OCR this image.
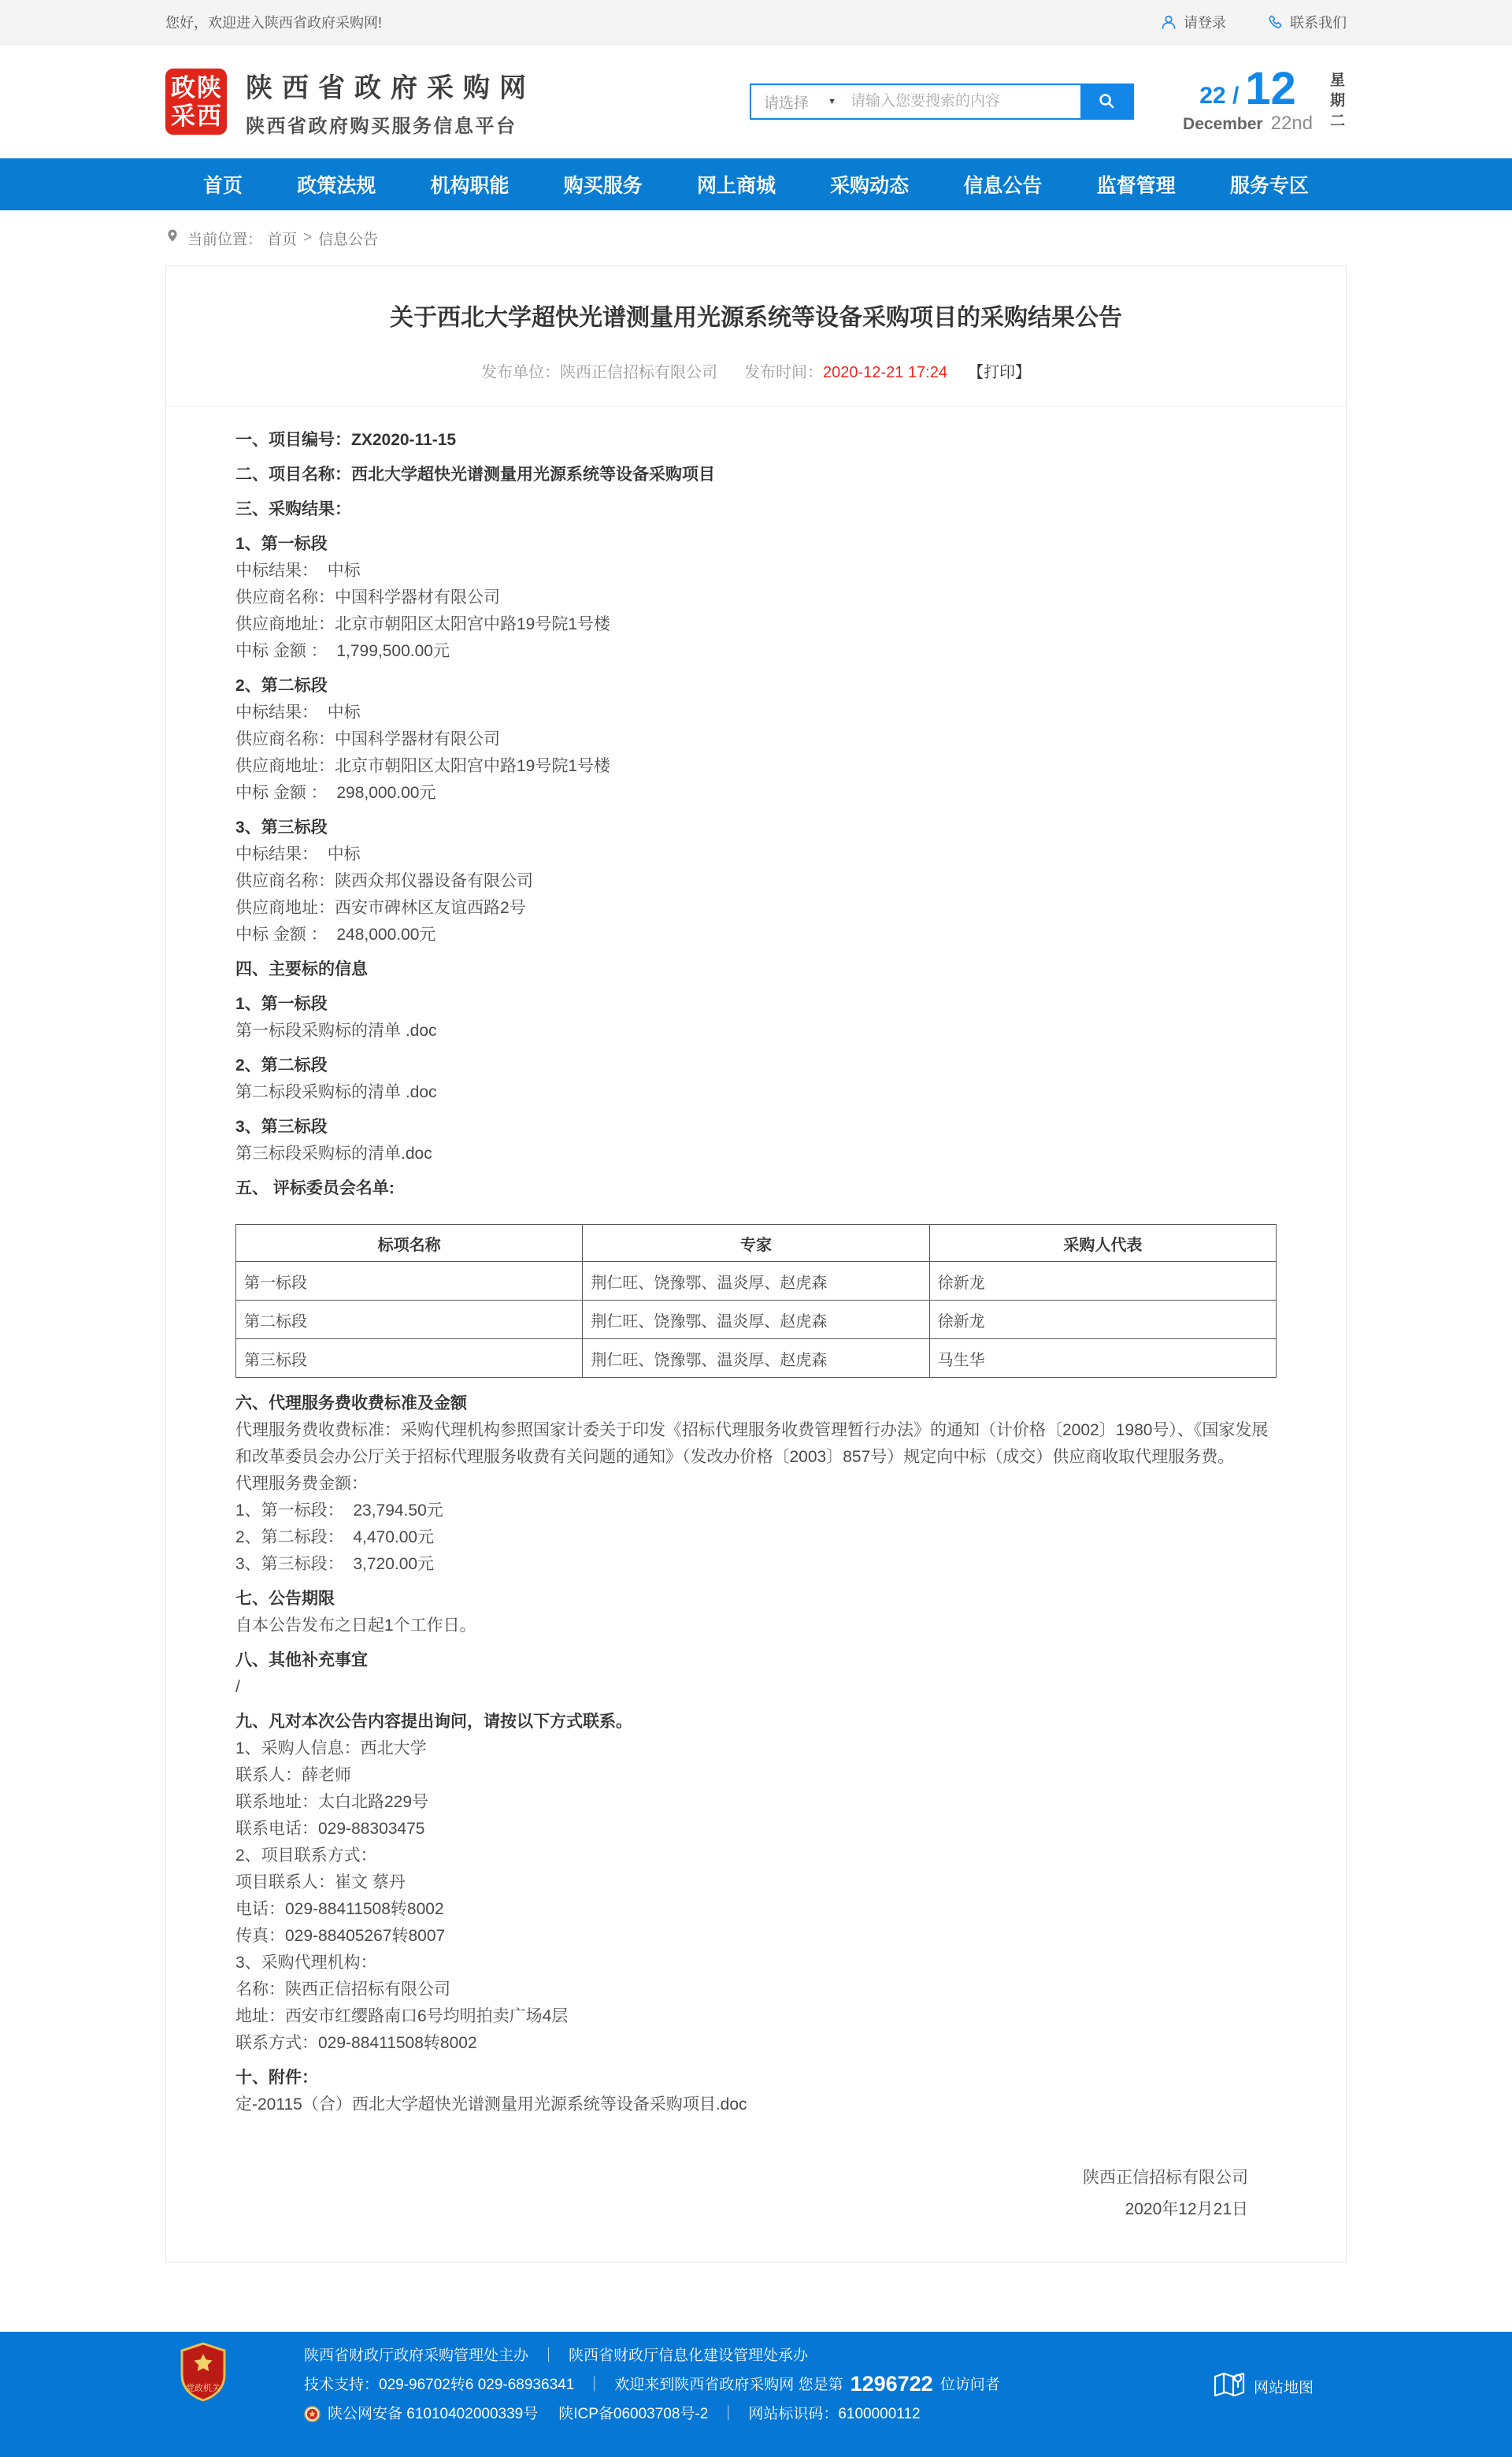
您好，欢迎进入陕西省政府采购网!	请登录	联系我们
政 陕
采 西
陕西省政府采购网
陕西省政府购买服务信息平台
请选择 ▼
请输入您要搜索的内容	22 / 12
December 22nd 星期二
首页	政策法规	机构职能	购买服务	网上商城	采购动态	信息公告	监督管理	服务专区
当前位置： 首页 > 信息公告
关于西北大学超快光谱测量用光源系统等设备采购项目的采购结果公告
发布单位：陕西正信招标有限公司 发布时间：2020-12-21 17:24 【打印】
一、项目编号：ZX2020-11-15
二、项目名称：西北大学超快光谱测量用光源系统等设备采购项目
三、采购结果：
1、第一标段
中标结果：  中标
供应商名称：中国科学器材有限公司
供应商地址：北京市朝阳区太阳宫中路19号院1号楼
中标 金额 ：  1,799,500.00元
2、第二标段
中标结果：  中标
供应商名称：中国科学器材有限公司
供应商地址：北京市朝阳区太阳宫中路19号院1号楼
中标 金额 ：  298,000.00元
3、第三标段
中标结果：  中标
供应商名称：陕西众邦仪器设备有限公司
供应商地址：西安市碑林区友谊西路2号
中标 金额 ：  248,000.00元
四、主要标的信息
1、第一标段
第一标段采购标的清单 .doc
2、第二标段
第二标段采购标的清单 .doc
3、第三标段
第三标段采购标的清单.doc
五、 评标委员会名单:
标项名称	专家	采购人代表
第一标段	荆仁旺、饶豫鄂、温炎厚、赵虎森	徐新龙
第二标段	荆仁旺、饶豫鄂、温炎厚、赵虎森	徐新龙
第三标段	荆仁旺、饶豫鄂、温炎厚、赵虎森	马生华
六、代理服务费收费标准及金额
代理服务费收费标准：采购代理机构参照国家计委关于印发《招标代理服务收费管理暂行办法》的通知（计价格〔2002〕1980号）、《国家发展和改革委员会办公厅关于招标代理服务收费有关问题的通知》（发改办价格〔2003〕857号）规定向中标（成交）供应商收取代理服务费。
代理服务费金额：
1、第一标段：  23,794.50元
2、第二标段：  4,470.00元
3、第三标段：  3,720.00元
七、公告期限
自本公告发布之日起1个工作日。
八、其他补充事宜
/
九、凡对本次公告内容提出询问，请按以下方式联系。
1、采购人信息：西北大学
联系人：薛老师
联系地址：太白北路229号
联系电话：029-88303475
2、项目联系方式：
项目联系人：崔文 蔡丹
电话：029-88411508转8002
传真：029-88405267转8007
3、采购代理机构：
名称：陕西正信招标有限公司
地址：西安市红缨路南口6号均明拍卖广场4层
联系方式：029-88411508转8002
十、附件：
定-20115（合）西北大学超快光谱测量用光源系统等设备采购项目.doc
陕西正信招标有限公司
2020年12月21日
党政机关
陕西省财政厅政府采购管理处主办 ｜ 陕西省财政厅信息化建设管理处承办
技术支持：029-96702转6 029-68936341 ｜ 欢迎来到陕西省政府采购网 您是第 1296722 位访问者
陕公网安备 61010402000339号 陕ICP备06003708号-2 ｜ 网站标识码：6100000112
网站地图
